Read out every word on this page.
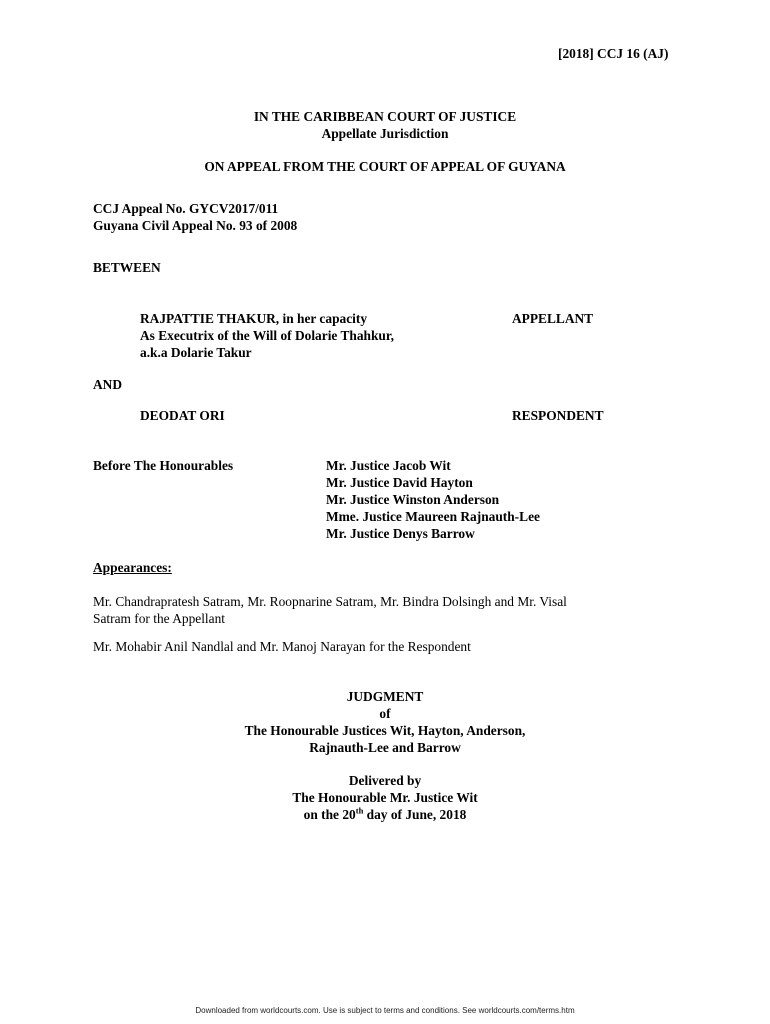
[2018] CCJ 16 (AJ)
IN THE CARIBBEAN COURT OF JUSTICE
Appellate Jurisdiction
ON APPEAL FROM THE COURT OF APPEAL OF GUYANA
CCJ Appeal No. GYCV2017/011
Guyana Civil Appeal No. 93 of 2008
BETWEEN
RAJPATTIE THAKUR, in her capacity
As Executrix of the Will of Dolarie Thahkur,
a.k.a Dolarie Takur
APPELLANT
AND
DEODAT ORI	RESPONDENT
Before The Honourables	Mr. Justice Jacob Wit
Mr. Justice David Hayton
Mr. Justice Winston Anderson
Mme. Justice Maureen Rajnauth-Lee
Mr. Justice Denys Barrow
Appearances:
Mr. Chandrapratesh Satram, Mr. Roopnarine Satram, Mr. Bindra Dolsingh and Mr. Visal
Satram for the Appellant
Mr. Mohabir Anil Nandlal and Mr. Manoj Narayan for the Respondent
JUDGMENT
of
The Honourable Justices Wit, Hayton, Anderson,
Rajnauth-Lee and Barrow
Delivered by
The Honourable Mr. Justice Wit
on the 20th day of June, 2018
Downloaded from worldcourts.com. Use is subject to terms and conditions. See worldcourts.com/terms.htm
